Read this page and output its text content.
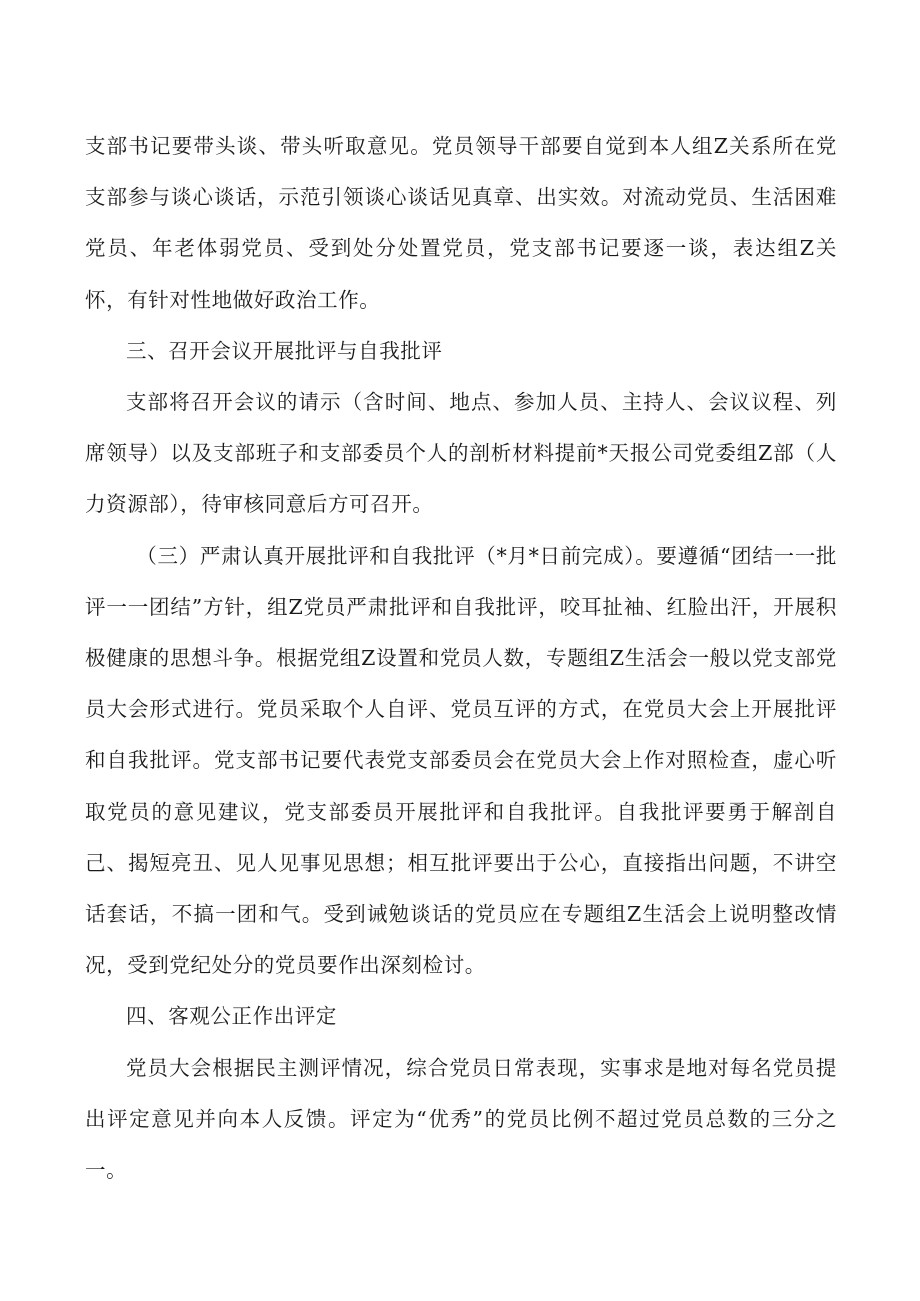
支部书记要带头谈、带头听取意见。党员领导干部要自觉到本人组Z关系所在党支部参与谈心谈话，示范引领谈心谈话见真章、出实效。对流动党员、生活困难党员、年老体弱党员、受到处分处置党员，党支部书记要逐一谈，表达组Z关怀，有针对性地做好政治工作。

三、召开会议开展批评与自我批评

支部将召开会议的请示（含时间、地点、参加人员、主持人、会议议程、列席领导）以及支部班子和支部委员个人的剖析材料提前*天报公司党委组Z部（人力资源部），待审核同意后方可召开。

（三）严肃认真开展批评和自我批评（*月*日前完成）。要遵循“团结一一批评一一团结”方针，组Z党员严肃批评和自我批评，咬耳扯袖、红脸出汗，开展积极健康的思想斗争。根据党组Z设置和党员人数，专题组Z生活会一般以党支部党员大会形式进行。党员采取个人自评、党员互评的方式，在党员大会上开展批评和自我批评。党支部书记要代表党支部委员会在党员大会上作对照检查，虚心听取党员的意见建议，党支部委员开展批评和自我批评。自我批评要勇于解剖自己、揭短亮丑、见人见事见思想；相互批评要出于公心，直接指出问题，不讲空话套话，不搞一团和气。受到诫勉谈话的党员应在专题组Z生活会上说明整改情况，受到党纪处分的党员要作出深刻检讨。

四、客观公正作出评定

党员大会根据民主测评情况，综合党员日常表现，实事求是地对每名党员提出评定意见并向本人反馈。评定为“优秀”的党员比例不超过党员总数的三分之一。
